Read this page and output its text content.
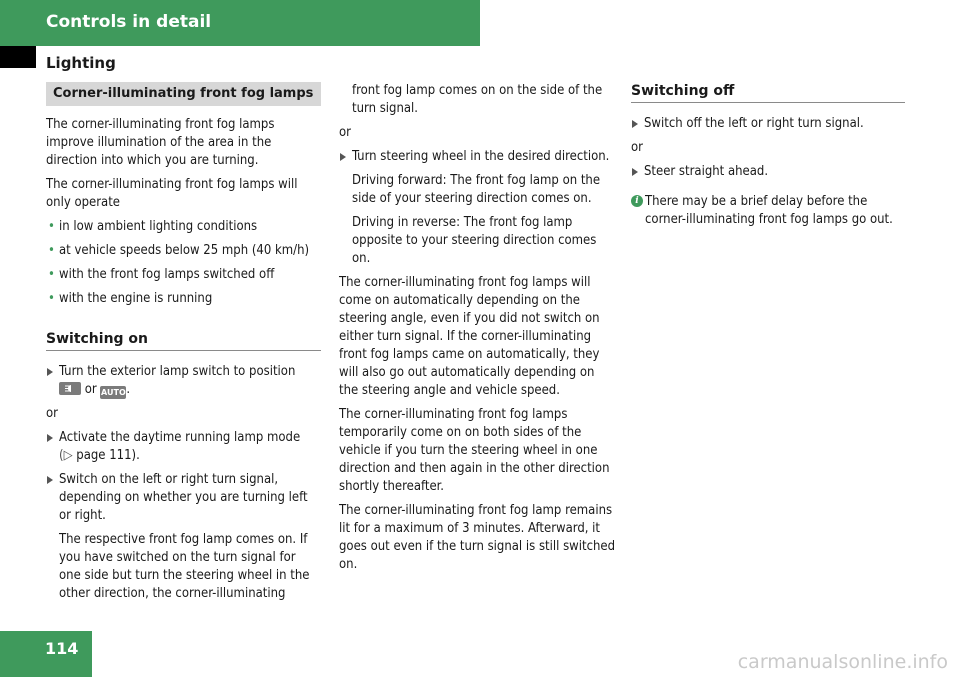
Controls in detail
Lighting
Corner-illuminating front fog lamps

The corner-illuminating front fog lamps improve illumination of the area in the direction into which you are turning.

The corner-illuminating front fog lamps will only operate

• in low ambient lighting conditions
• at vehicle speeds below 25 mph (40 km/h)
• with the front fog lamps switched off
• with the engine is running
Switching on
Turn the exterior lamp switch to position
or AUTO.

or

Activate the daytime running lamp mode
(▷ page 111).
Switch on the left or right turn signal, depending on whether you are turning left or right.

The respective front fog lamp comes on. If you have switched on the turn signal for one side but turn the steering wheel in the other direction, the corner-illuminating

front fog lamp comes on on the side of the turn signal.

or

Turn steering wheel in the desired direction.

Driving forward: The front fog lamp on the side of your steering direction comes on.

Driving in reverse: The front fog lamp opposite to your steering direction comes on.

The corner-illuminating front fog lamps will come on automatically depending on the steering angle, even if you did not switch on either turn signal. If the corner-illuminating front fog lamps came on automatically, they will also go out automatically depending on the steering angle and vehicle speed.

The corner-illuminating front fog lamps temporarily come on on both sides of the vehicle if you turn the steering wheel in one direction and then again in the other direction shortly thereafter.

The corner-illuminating front fog lamp remains lit for a maximum of 3 minutes. Afterward, it goes out even if the turn signal is still switched on.

Switching off
Switch off the left or right turn signal.

or

Steer straight ahead.
i There may be a brief delay before the corner-illuminating front fog lamps go out.
114
carmanualsonline.info
